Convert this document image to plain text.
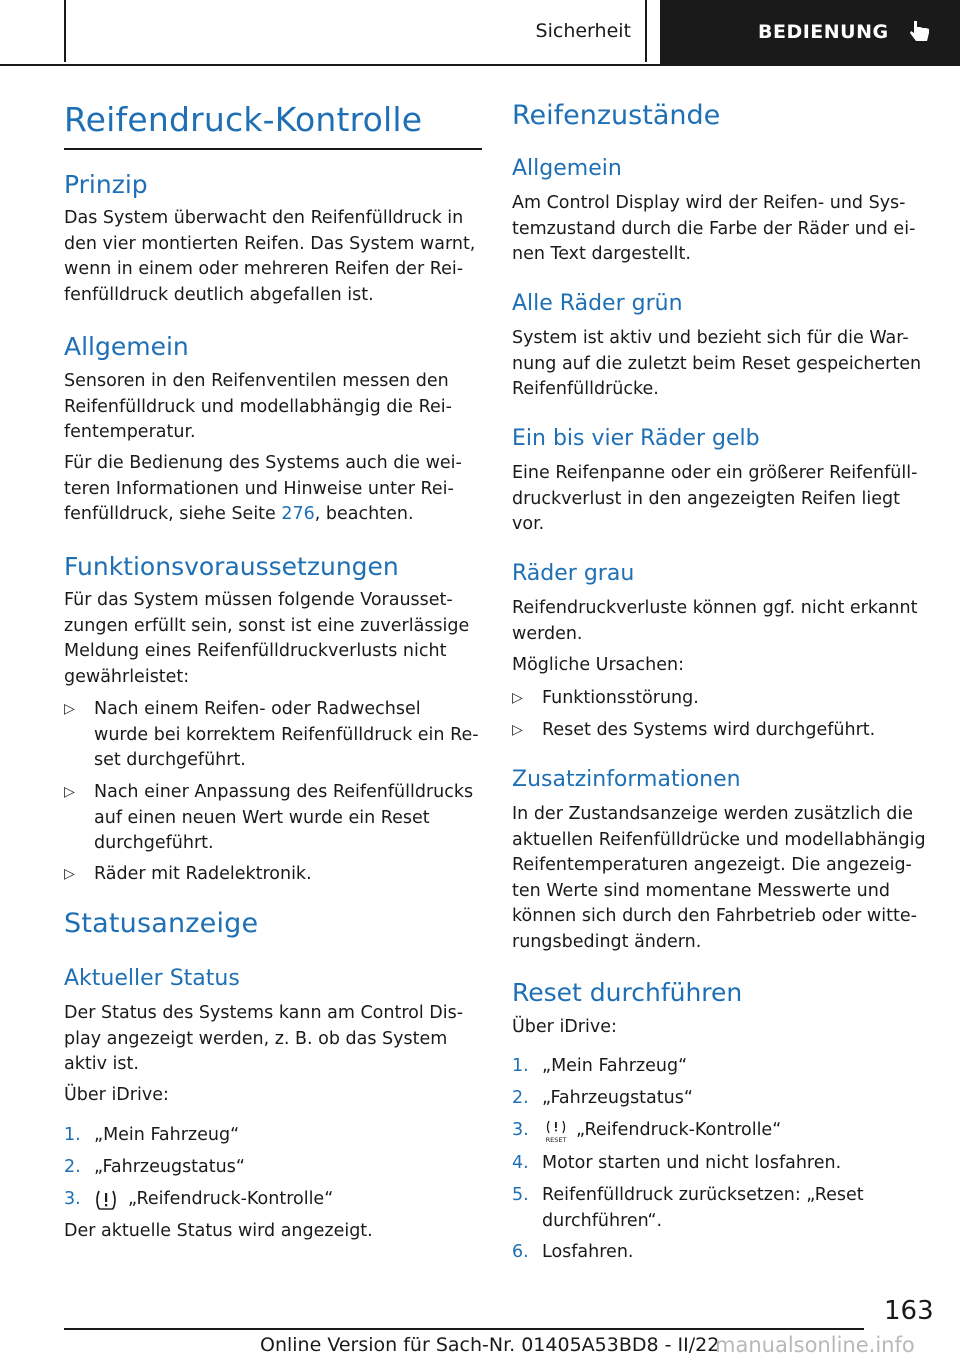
Sicherheit	BEDIENUNG
Reifendruck-Kontrolle
Prinzip
Das System überwacht den Reifenfülldruck in
den vier montierten Reifen. Das System warnt,
wenn in einem oder mehreren Reifen der Rei-
fenfülldruck deutlich abgefallen ist.
Allgemein
Sensoren in den Reifenventilen messen den
Reifenfülldruck und modellabhängig die Rei-
fentemperatur.
Für die Bedienung des Systems auch die wei-
teren Informationen und Hinweise unter Rei-
fenfülldruck, siehe Seite 276, beachten.
Funktionsvoraussetzungen
Für das System müssen folgende Vorausset-
zungen erfüllt sein, sonst ist eine zuverlässige
Meldung eines Reifenfülldruckverlusts nicht
gewährleistet:
▷ Nach einem Reifen- oder Radwechsel
wurde bei korrektem Reifenfülldruck ein Re-
set durchgeführt.
▷ Nach einer Anpassung des Reifenfülldrucks
auf einen neuen Wert wurde ein Reset
durchgeführt.
▷ Räder mit Radelektronik.
Statusanzeige
Aktueller Status
Der Status des Systems kann am Control Dis-
play angezeigt werden, z. B. ob das System
aktiv ist.
Über iDrive:
1. „Mein Fahrzeug“
2. „Fahrzeugstatus“
3.	„Reifendruck-Kontrolle“
Der aktuelle Status wird angezeigt.
Reifenzustände
Allgemein
Am Control Display wird der Reifen- und Sys-
temzustand durch die Farbe der Räder und ei-
nen Text dargestellt.
Alle Räder grün
System ist aktiv und bezieht sich für die War-
nung auf die zuletzt beim Reset gespeicherten
Reifenfülldrücke.
Ein bis vier Räder gelb
Eine Reifenpanne oder ein größerer Reifenfüll-
druckverlust in den angezeigten Reifen liegt
vor.
Räder grau
Reifendruckverluste können ggf. nicht erkannt
werden.
Mögliche Ursachen:
▷ Funktionsstörung.
▷ Reset des Systems wird durchgeführt.
Zusatzinformationen
In der Zustandsanzeige werden zusätzlich die
aktuellen Reifenfülldrücke und modellabhängig
Reifentemperaturen angezeigt. Die angezeig-
ten Werte sind momentane Messwerte und
können sich durch den Fahrbetrieb oder witte-
rungsbedingt ändern.
Reset durchführen
Über iDrive:
1. „Mein Fahrzeug“
2. „Fahrzeugstatus“
3.	RESET „Reifendruck-Kontrolle“
4. Motor starten und nicht losfahren.
5. Reifenfülldruck zurücksetzen: „Reset
durchführen“.
6. Losfahren.
163
Online Version für Sach-Nr. 01405A53BD8 - II/22
manualsonline.info
